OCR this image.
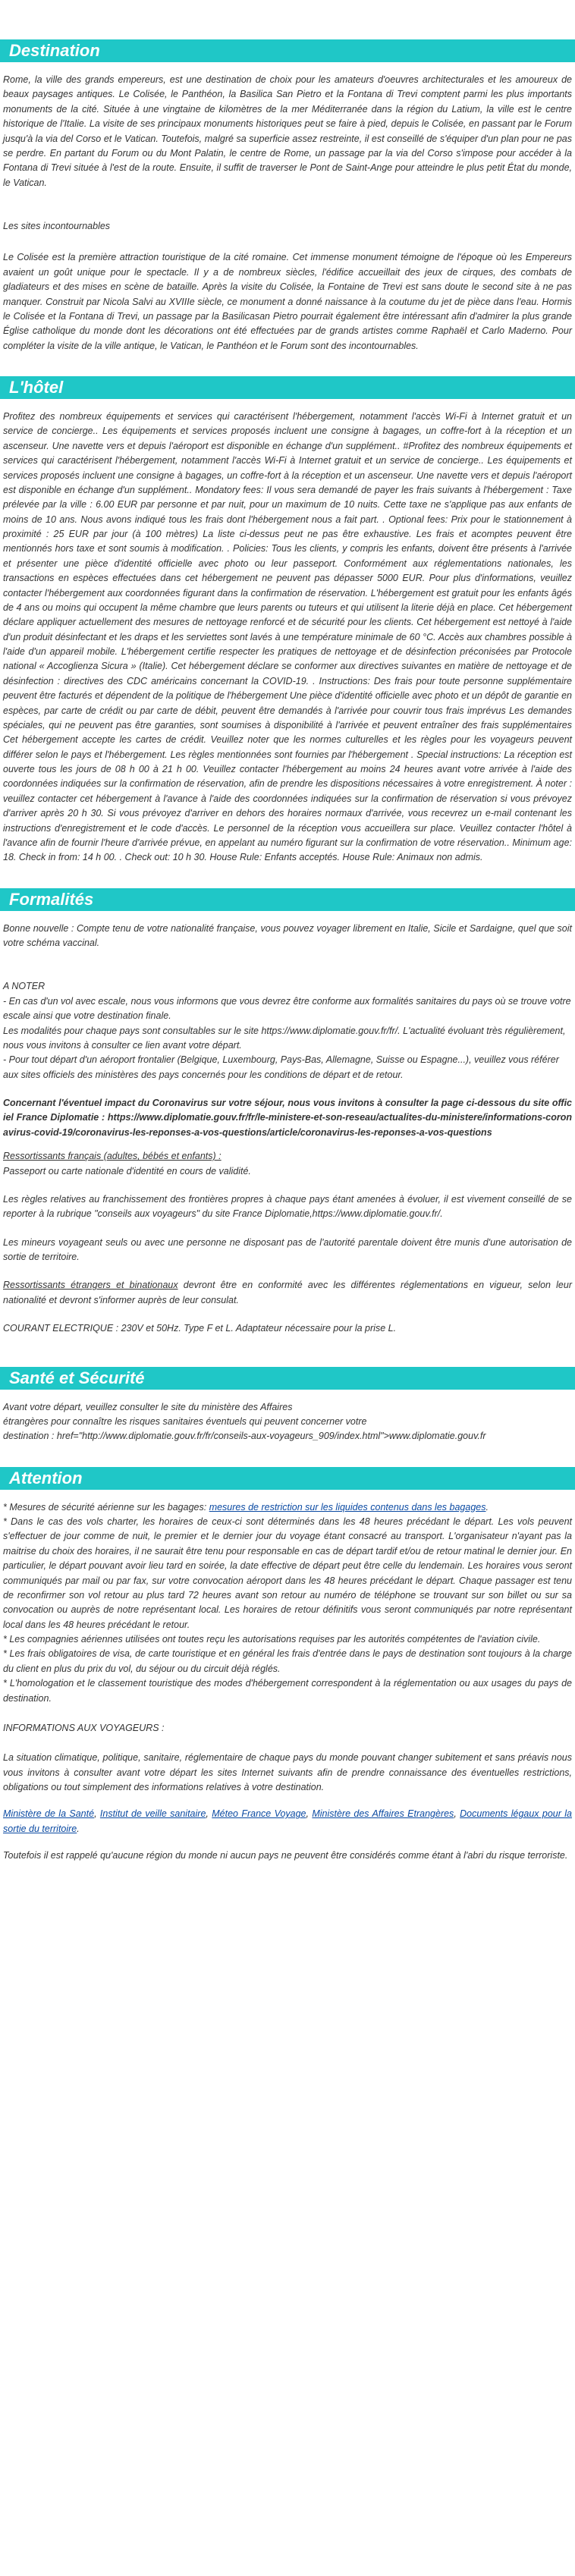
Destination

Rome, la ville des grands empereurs, est une destination de choix pour les amateurs d'oeuvres architecturales et les amoureux de beaux paysages antiques. Le Colisée, le Panthéon, la Basilica San Pietro et la Fontana di Trevi comptent parmi les plus importants monuments de la cité. Située à une vingtaine de kilomètres de la mer Méditerranée dans la région du Latium, la ville est le centre historique de l'Italie. La visite de ses principaux monuments historiques peut se faire à pied, depuis le Colisée, en passant par le Forum jusqu'à la via del Corso et le Vatican. Toutefois, malgré sa superficie assez restreinte, il est conseillé de s'équiper d'un plan pour ne pas se perdre. En partant du Forum ou du Mont Palatin, le centre de Rome, un passage par la via del Corso s'impose pour accéder à la Fontana di Trevi située à l'est de la route. Ensuite, il suffit de traverser le Pont de Saint-Ange pour atteindre le plus petit État du monde, le Vatican.

Les sites incontournables

Le Colisée est la première attraction touristique de la cité romaine. Cet immense monument témoigne de l'époque où les Empereurs avaient un goût unique pour le spectacle. Il y a de nombreux siècles, l'édifice accueillait des jeux de cirques, des combats de gladiateurs et des mises en scène de bataille. Après la visite du Colisée, la Fontaine de Trevi est sans doute le second site à ne pas manquer. Construit par Nicola Salvi au XVIIIe siècle, ce monument a donné naissance à la coutume du jet de pièce dans l'eau. Hormis le Colisée et la Fontana di Trevi, un passage par la Basilicasan Pietro pourrait également être intéressant afin d'admirer la plus grande Église catholique du monde dont les décorations ont été effectuées par de grands artistes comme Raphaël et Carlo Maderno. Pour compléter la visite de la ville antique, le Vatican, le Panthéon et le Forum sont des incontournables.

L'hôtel

Profitez des nombreux équipements et services qui caractérisent l'hébergement, notamment l'accès Wi-Fi à Internet gratuit et un service de concierge.. Les équipements et services proposés incluent une consigne à bagages, un coffre-fort à la réception et un ascenseur. Une navette vers et depuis l'aéroport est disponible en échange d'un supplément.. #Profitez des nombreux équipements et services qui caractérisent l'hébergement, notamment l'accès Wi-Fi à Internet gratuit et un service de concierge.. Les équipements et services proposés incluent une consigne à bagages, un coffre-fort à la réception et un ascenseur. Une navette vers et depuis l'aéroport est disponible en échange d'un supplément.. Mondatory fees: Il vous sera demandé de payer les frais suivants à l'hébergement : Taxe prélevée par la ville : 6.00 EUR par personne et par nuit, pour un maximum de 10 nuits. Cette taxe ne s'applique pas aux enfants de moins de 10 ans. Nous avons indiqué tous les frais dont l'hébergement nous a fait part. . Optional fees: Prix pour le stationnement à proximité : 25 EUR par jour (à 100 mètres) La liste ci-dessus peut ne pas être exhaustive. Les frais et acomptes peuvent être mentionnés hors taxe et sont soumis à modification. . Policies: Tous les clients, y compris les enfants, doivent être présents à l'arrivée et présenter une pièce d'identité officielle avec photo ou leur passeport. Conformément aux réglementations nationales, les transactions en espèces effectuées dans cet hébergement ne peuvent pas dépasser 5000 EUR. Pour plus d'informations, veuillez contacter l'hébergement aux coordonnées figurant dans la confirmation de réservation. L'hébergement est gratuit pour les enfants âgés de 4 ans ou moins qui occupent la même chambre que leurs parents ou tuteurs et qui utilisent la literie déjà en place. Cet hébergement déclare appliquer actuellement des mesures de nettoyage renforcé et de sécurité pour les clients. Cet hébergement est nettoyé à l'aide d'un produit désinfectant et les draps et les serviettes sont lavés à une température minimale de 60 °C. Accès aux chambres possible à l'aide d'un appareil mobile. L'hébergement certifie respecter les pratiques de nettoyage et de désinfection préconisées par Protocole national « Accoglienza Sicura » (Italie). Cet hébergement déclare se conformer aux directives suivantes en matière de nettoyage et de désinfection : directives des CDC américains concernant la COVID-19. . Instructions: Des frais pour toute personne supplémentaire peuvent être facturés et dépendent de la politique de l'hébergement Une pièce d'identité officielle avec photo et un dépôt de garantie en espèces, par carte de crédit ou par carte de débit, peuvent être demandés à l'arrivée pour couvrir tous frais imprévus Les demandes spéciales, qui ne peuvent pas être garanties, sont soumises à disponibilité à l'arrivée et peuvent entraîner des frais supplémentaires Cet hébergement accepte les cartes de crédit. Veuillez noter que les normes culturelles et les règles pour les voyageurs peuvent différer selon le pays et l'hébergement. Les règles mentionnées sont fournies par l'hébergement . Special instructions: La réception est ouverte tous les jours de 08 h 00 à 21 h 00. Veuillez contacter l'hébergement au moins 24 heures avant votre arrivée à l'aide des coordonnées indiquées sur la confirmation de réservation, afin de prendre les dispositions nécessaires à votre enregistrement. À noter : veuillez contacter cet hébergement à l'avance à l'aide des coordonnées indiquées sur la confirmation de réservation si vous prévoyez d'arriver après 20 h 30. Si vous prévoyez d'arriver en dehors des horaires normaux d'arrivée, vous recevrez un e-mail contenant les instructions d'enregistrement et le code d'accès. Le personnel de la réception vous accueillera sur place. Veuillez contacter l'hôtel à l'avance afin de fournir l'heure d'arrivée prévue, en appelant au numéro figurant sur la confirmation de votre réservation.. Minimum age: 18. Check in from: 14 h 00. . Check out: 10 h 30. House Rule: Enfants acceptés. House Rule: Animaux non admis.

Formalités

Bonne nouvelle : Compte tenu de votre nationalité française, vous pouvez voyager librement en Italie, Sicile et Sardaigne, quel que soit votre schéma vaccinal.

A NOTER
- En cas d'un vol avec escale, nous vous informons que vous devrez être conforme aux formalités sanitaires du pays où se trouve votre escale ainsi que votre destination finale.
Les modalités pour chaque pays sont consultables sur le site https://www.diplomatie.gouv.fr/fr/. L'actualité évoluant très régulièrement, nous vous invitons à consulter ce lien avant votre départ.
- Pour tout départ d'un aéroport frontalier (Belgique, Luxembourg, Pays-Bas, Allemagne, Suisse ou Espagne...), veuillez vous référer aux sites officiels des ministères des pays concernés pour les conditions de départ et de retour.

Concernant l'éventuel impact du Coronavirus sur votre séjour, nous vous invitons à consulter la page ci-dessous du site officiel France Diplomatie : https://www.diplomatie.gouv.fr/fr/le-ministere-et-son-reseau/actualites-du-ministere/informations-coronavirus-covid-19/coronavirus-les-reponses-a-vos-questions/article/coronavirus-les-reponses-a-vos-questions

Ressortissants français (adultes, bébés et enfants) :

Passeport ou carte nationale d'identité en cours de validité.

Les règles relatives au franchissement des frontières propres à chaque pays étant amenées à évoluer, il est vivement conseillé de se reporter à la rubrique "conseils aux voyageurs" du site France Diplomatie,https://www.diplomatie.gouv.fr/.

Les mineurs voyageant seuls ou avec une personne ne disposant pas de l'autorité parentale doivent être munis d'une autorisation de sortie de territoire.

Ressortissants étrangers et binationaux devront être en conformité avec les différentes réglementations en vigueur, selon leur nationalité et devront s'informer auprès de leur consulat.

COURANT ELECTRIQUE : 230V et 50Hz. Type F et L. Adaptateur nécessaire pour la prise L.

Santé et Sécurité
Avant votre départ, veuillez consulter le site du ministère des Affaires
étrangères pour connaître les risques sanitaires éventuels qui peuvent concerner votre
destination : href="http://www.diplomatie.gouv.fr/fr/conseils-aux-voyageurs_909/index.html">www.diplomatie.gouv.fr
Attention
* Mesures de sécurité aérienne sur les bagages: mesures de restriction sur les liquides contenus dans les bagages.

* Dans le cas des vols charter, les horaires de ceux-ci sont déterminés dans les 48 heures précédant le départ. Les vols peuvent s'effectuer de jour comme de nuit, le premier et le dernier jour du voyage étant consacré au transport. L'organisateur n'ayant pas la maitrise du choix des horaires, il ne saurait être tenu pour responsable en cas de départ tardif et/ou de retour matinal le dernier jour. En particulier, le départ pouvant avoir lieu tard en soirée, la date effective de départ peut être celle du lendemain. Les horaires vous seront communiqués par mail ou par fax, sur votre convocation aéroport dans les 48 heures précédant le départ. Chaque passager est tenu de reconfirmer son vol retour au plus tard 72 heures avant son retour au numéro de téléphone se trouvant sur son billet ou sur sa convocation ou auprès de notre représentant local. Les horaires de retour définitifs vous seront communiqués par notre représentant local dans les 48 heures précédant le retour.

* Les compagnies aériennes utilisées ont toutes reçu les autorisations requises par les autorités compétentes de l'aviation civile.

* Les frais obligatoires de visa, de carte touristique et en général les frais d'entrée dans le pays de destination sont toujours à la charge du client en plus du prix du vol, du séjour ou du circuit déjà réglés.

* L'homologation et le classement touristique des modes d'hébergement correspondent à la réglementation ou aux usages du pays de destination.

INFORMATIONS AUX VOYAGEURS :

La situation climatique, politique, sanitaire, réglementaire de chaque pays du monde pouvant changer subitement et sans préavis nous vous invitons à consulter avant votre départ les sites Internet suivants afin de prendre connaissance des éventuelles restrictions, obligations ou tout simplement des informations relatives à votre destination.

Ministère de la Santé, Institut de veille sanitaire, Méteo France Voyage, Ministère des Affaires Etrangères, Documents légaux pour la sortie du territoire.

Toutefois il est rappelé qu'aucune région du monde ni aucun pays ne peuvent être considérés comme étant à l'abri du risque terroriste.
